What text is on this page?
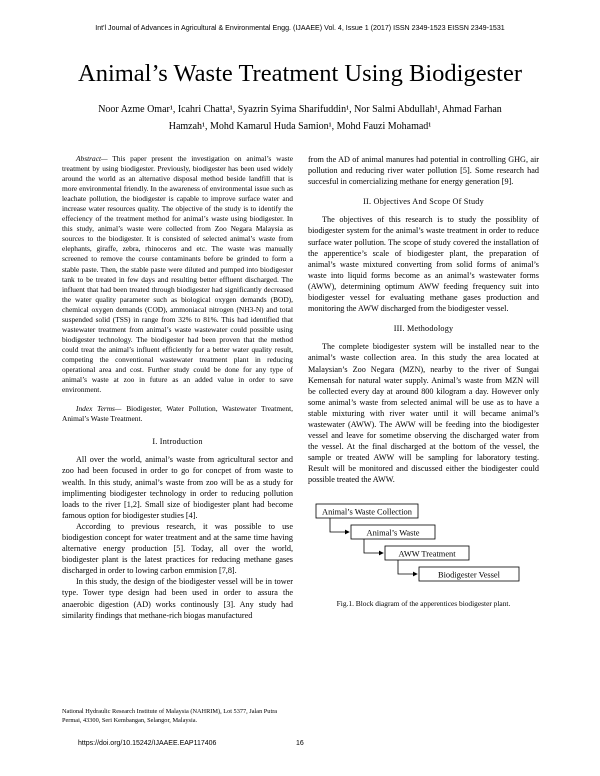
Int'l Journal of Advances in Agricultural & Environmental Engg. (IJAAEE) Vol. 4, Issue 1 (2017) ISSN 2349-1523 EISSN 2349-1531
Animal’s Waste Treatment Using Biodigester
Noor Azme Omar¹, Icahri Chatta¹, Syazrin Syima Sharifuddin¹, Nor Salmi Abdullah¹, Ahmad Farhan
Hamzah¹, Mohd Kamarul Huda Samion¹, Mohd Fauzi Mohamad¹

Abstract— This paper present the investigation on animal’s waste treatment by using biodigester. Previously, biodigester has been used widely around the world as an alternative disposal method beside landfill that is more environmental friendly. In the awareness of environmental issue such as leachate pollution, the biodigester is capable to improve surface water and increase water resources quality. The objective of the study is to identify the effeciency of the treatment method for animal’s waste using biodigester. In this study, animal’s waste were collected from Zoo Negara Malaysia as sources to the biodigester. It is consisted of selected animal’s waste from elephants, giraffe, zebra, rhinoceros and etc. The waste was manually screened to remove the course contaminants before be grinded to form a stable paste. Then, the stable paste were diluted and pumped into biodigester tank to be treated in few days and resulting better effluent discharged. The influent that had been treated through biodigester had significantly decreased the water quality parameter such as biological oxygen demands (BOD), chemical oxygen demands (COD), ammoniacal nitrogen (NH3-N) and total suspended solid (TSS) in range from 32% to 81%. This had identified that wastewater treatment from animal’s waste wastewater could possible using biodigester technology. The biodigester had been proven that the method could treat the animal’s influent efficiently for a better water quality result, competing the conventional wastewater treatment plant in reducing operational area and cost. Further study could be done for any type of animal’s waste at zoo in future as an added value in order to save environment.

Index Terms— Biodigester, Water Pollution, Wastewater Treatment, Animal’s Waste Treatment.

I. Introduction

All over the world, animal’s waste from agricultural sector and zoo had been focused in order to go for concpet of from waste to wealth. In this study, animal’s waste from zoo will be as a study for implimenting biodigester technology in order to reducing pollution loads to the river [1,2]. Small size of biodigester plant had become famous option for biodigester studies [4].

According to previous research, it was possible to use biodigestion concept for water treatment and at the same time having alternative energy production [5]. Today, all over the world, biodigester plant is the latest practices for reducing methane gases discharged in order to lowing carbon emmision [7,8].

In this study, the design of the biodigester vessel will be in tower type. Tower type design had been used in order to assura the anaerobic digestion (AD) works continously [3]. Any study had similarity findings that methane-rich biogas manufactured

from the AD of animal manures had potential in controlling GHG, air pollution and reducing river water pollution [5]. Some research had succesful in comercializing methane for energy generation [9].

II. Objectives And Scope Of Study

The objectives of this research is to study the possiblity of biodigester system for the animal’s waste treatment in order to reduce surface water pollution. The scope of study covered the installation of the apperentice’s scale of biodigester plant, the preparation of animal’s waste mixtured converting from solid forms of animal’s waste into liquid forms become as an animal’s wastewater forms (AWW), determining optimum AWW feeding frequency suit into biodigester vessel for evaluating methane gases production and monitoring the AWW discharged from the biodigester vessel.

III. Methodology

The complete biodigester system will be installed near to the animal’s waste collection area. In this study the area located at Malaysian’s Zoo Negara (MZN), nearby to the river of Sungai Kemensah for natural water supply. Animal’s waste from MZN will be collected every day at around 800 kilogram a day. However only some animal’s waste from selected animal will be use as to have a stable mixturing with river water until it will became animal’s wastewater (AWW). The AWW will be feeding into the biodigester vessel and leave for sometime observing the discharged water from the vessel. At the final discharged at the bottom of the vessel, the sample or treated AWW will be sampling for laboratory testing. Result will be monitored and discussed either the biodigester could possible treated the AWW.

Animal’s Waste Collection
Animal’s Waste
AWW Treatment
Biodigester Vessel

Fig.1. Block diagram of the apperentices biodigester plant.

National Hydraulic Research Institute of Malaysia (NAHRIM), Lot 5377, Jalan Putra Permai, 43300, Seri Kembangan, Selangor, Malaysia.
https://doi.org/10.15242/IJAAEE.EAP117406	16
